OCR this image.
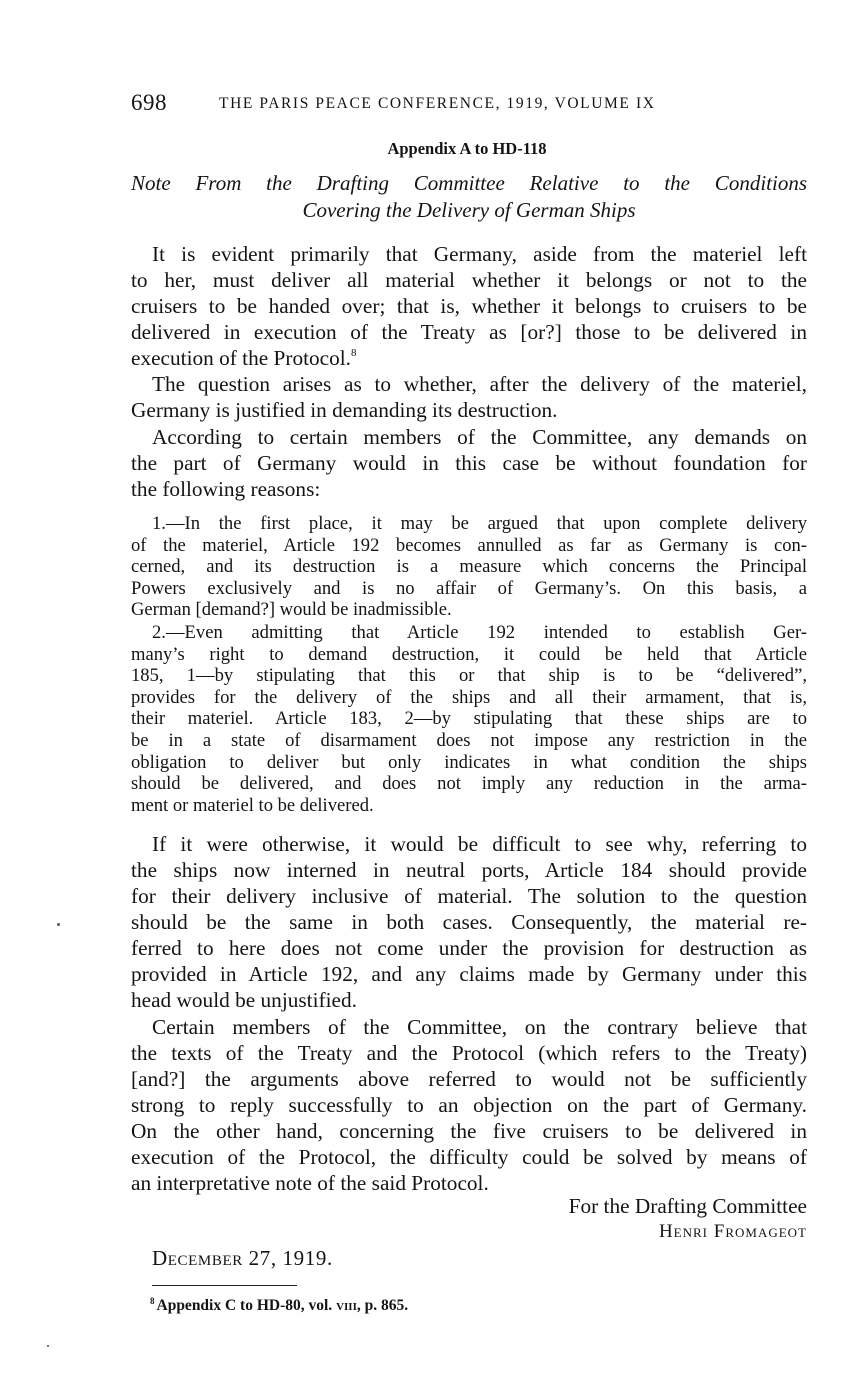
698	THE PARIS PEACE CONFERENCE, 1919, VOLUME IX
Appendix A to HD-118
Note From the Drafting Committee Relative to the Conditions
Covering the Delivery of German Ships
It is evident primarily that Germany, aside from the materiel left
to her, must deliver all material whether it belongs or not to the
cruisers to be handed over; that is, whether it belongs to cruisers to be
delivered in execution of the Treaty as [or?] those to be delivered in
execution of the Protocol.$^8$
The question arises as to whether, after the delivery of the materiel,
Germany is justified in demanding its destruction.
According to certain members of the Committee, any demands on
the part of Germany would in this case be without foundation for
the following reasons:
1.—In the first place, it may be argued that upon complete delivery
of the materiel, Article 192 becomes annulled as far as Germany is con-
cerned, and its destruction is a measure which concerns the Principal
Powers exclusively and is no affair of Germany’s. On this basis, a
German [demand?] would be inadmissible.
2.—Even admitting that Article 192 intended to establish Ger-
many’s right to demand destruction, it could be held that Article
185, 1—by stipulating that this or that ship is to be “delivered”,
provides for the delivery of the ships and all their armament, that is,
their materiel. Article 183, 2—by stipulating that these ships are to
be in a state of disarmament does not impose any restriction in the
obligation to deliver but only indicates in what condition the ships
should be delivered, and does not imply any reduction in the arma-
ment or materiel to be delivered.
If it were otherwise, it would be difficult to see why, referring to
the ships now interned in neutral ports, Article 184 should provide
for their delivery inclusive of material. The solution to the question
should be the same in both cases. Consequently, the material re-
ferred to here does not come under the provision for destruction as
provided in Article 192, and any claims made by Germany under this
head would be unjustified.
Certain members of the Committee, on the contrary believe that
the texts of the Treaty and the Protocol (which refers to the Treaty)
[and?] the arguments above referred to would not be sufficiently
strong to reply successfully to an objection on the part of Germany.
On the other hand, concerning the five cruisers to be delivered in
execution of the Protocol, the difficulty could be solved by means of
an interpretative note of the said Protocol.
For the Drafting Committee
Henri Fromageot
December 27, 1919.
$^8$ Appendix C to HD-80, vol. viii, p. 865.
